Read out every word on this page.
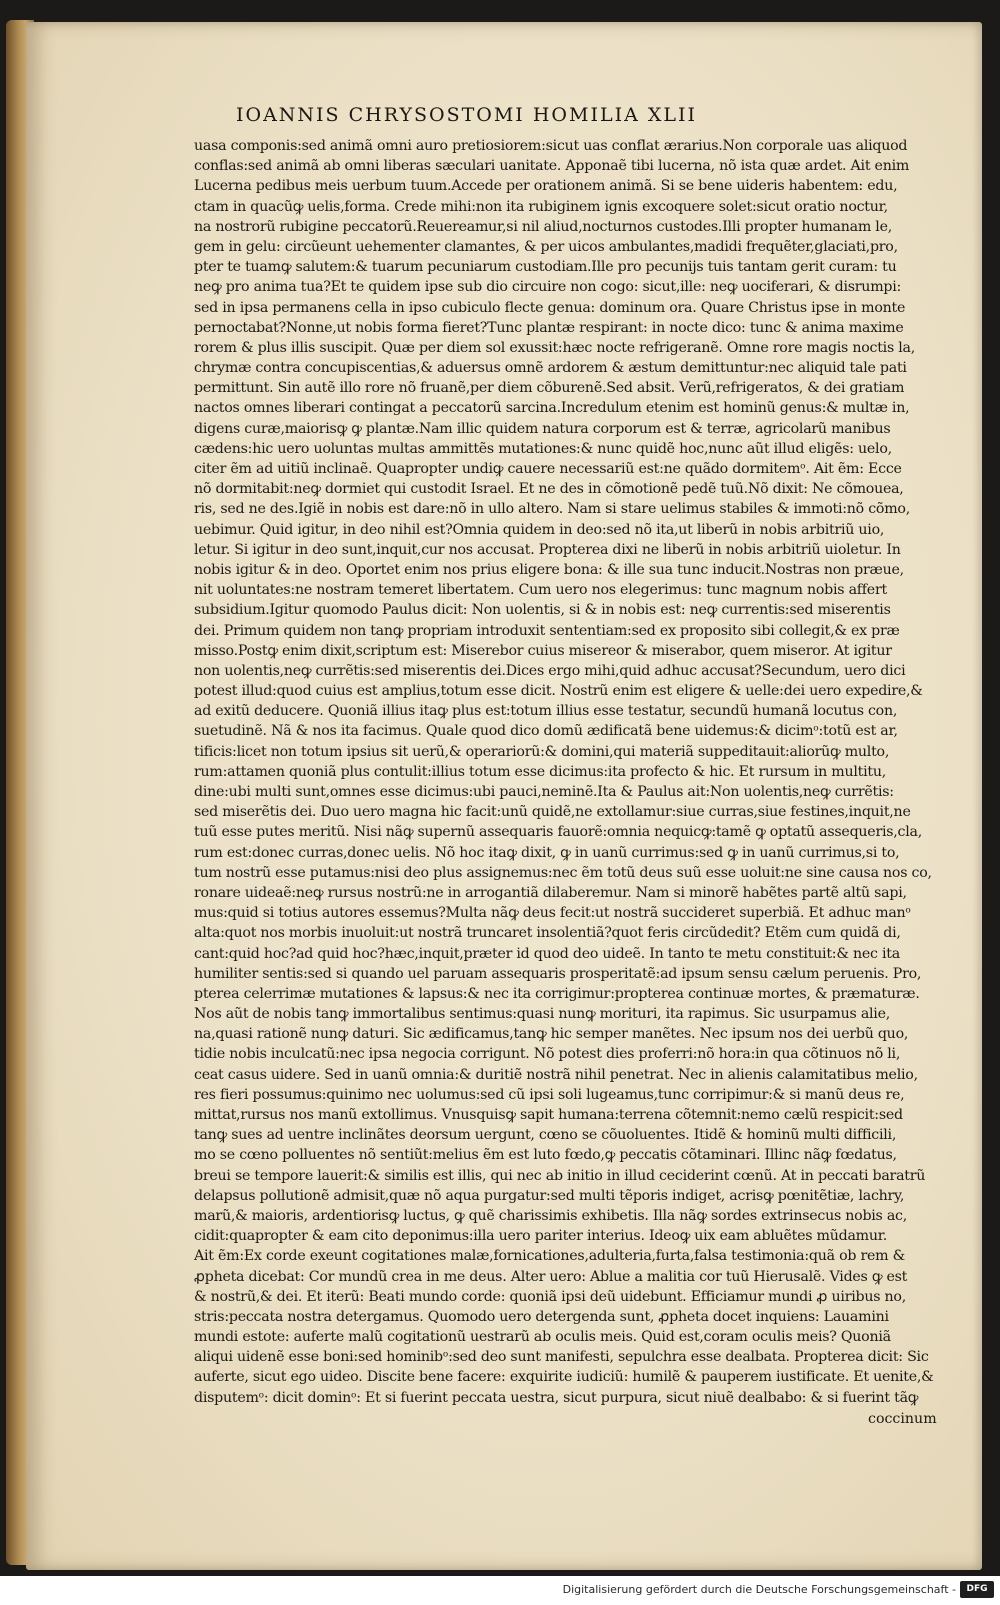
IOANNIS CHRYSOSTOMI HOMILIA XLII
uasa componis:sed animã omni auro pretiosiorem:sicut uas conflat ærarius.Non corporale uas aliquod
conflas:sed animã ab omni liberas sæculari uanitate. Apponaẽ tibi lucerna, nõ ista quæ ardet. Ait enim
Lucerna pedibus meis uerbum tuum.Accede per orationem animã. Si se bene uideris habentem: edu,
ctam in quacũꝙ uelis,forma. Crede mihi:non ita rubiginem ignis excoquere solet:sicut oratio noctur,
na nostrorũ rubigine peccatorũ.Reuereamur,si nil aliud,nocturnos custodes.Illi propter humanam le,
gem in gelu: circũeunt uehementer clamantes, & per uicos ambulantes,madidi frequẽter,glaciati,pro,
pter te tuamꝙ salutem:& tuarum pecuniarum custodiam.Ille pro pecunijs tuis tantam gerit curam: tu
neꝙ pro anima tua?Et te quidem ipse sub dio circuire non cogo: sicut,ille: neꝙ uociferari, & disrumpi:
sed in ipsa permanens cella in ipso cubiculo flecte genua: dominum ora. Quare Christus ipse in monte
pernoctabat?Nonne,ut nobis forma fieret?Tunc plantæ respirant: in nocte dico: tunc & anima maxime
rorem & plus illis suscipit. Quæ per diem sol exussit:hæc nocte refrigeranẽ. Omne rore magis noctis la,
chrymæ contra concupiscentias,& aduersus omnẽ ardorem & æstum demittuntur:nec aliquid tale pati
permittunt. Sin autẽ illo rore nõ fruanẽ,per diem cõburenẽ.Sed absit. Verũ,refrigeratos, & dei gratiam
nactos omnes liberari contingat a peccatorũ sarcina.Incredulum etenim est hominũ genus:& multæ in,
digens curæ,maiorisꝙ ꝙ plantæ.Nam illic quidem natura corporum est & terræ, agricolarũ manibus
cædens:hic uero uoluntas multas ammittẽs mutationes:& nunc quidẽ hoc,nunc aũt illud eligẽs: uelo,
citer ẽm ad uitiũ inclinaẽ. Quapropter undiꝙ cauere necessariũ est:ne quãdo dormitemᵒ. Ait ẽm: Ecce
nõ dormitabit:neꝙ dormiet qui custodit Israel. Et ne des in cõmotionẽ pedẽ tuũ.Nõ dixit: Ne cõmouea,
ris, sed ne des.Igiẽ in nobis est dare:nõ in ullo altero. Nam si stare uelimus stabiles & immoti:nõ cõmo,
uebimur. Quid igitur, in deo nihil est?Omnia quidem in deo:sed nõ ita,ut liberũ in nobis arbitriũ uio,
letur. Si igitur in deo sunt,inquit,cur nos accusat. Propterea dixi ne liberũ in nobis arbitriũ uioletur. In
nobis igitur & in deo. Oportet enim nos prius eligere bona: & ille sua tunc inducit.Nostras non præue,
nit uoluntates:ne nostram temeret libertatem. Cum uero nos elegerimus: tunc magnum nobis affert
subsidium.Igitur quomodo Paulus dicit: Non uolentis, si & in nobis est: neꝙ currentis:sed miserentis
dei. Primum quidem non tanꝙ propriam introduxit sententiam:sed ex proposito sibi collegit,& ex præ
misso.Postꝙ enim dixit,scriptum est: Miserebor cuius misereor & miserabor, quem miseror. At igitur
non uolentis,neꝙ currẽtis:sed miserentis dei.Dices ergo mihi,quid adhuc accusat?Secundum, uero dici
potest illud:quod cuius est amplius,totum esse dicit. Nostrũ enim est eligere & uelle:dei uero expedire,&
ad exitũ deducere. Quoniã illius itaꝙ plus est:totum illius esse testatur, secundũ humanã locutus con,
suetudinẽ. Nã & nos ita facimus. Quale quod dico domũ ædificatã bene uidemus:& dicimᵒ:totũ est ar,
tificis:licet non totum ipsius sit uerũ,& operariorũ:& domini,qui materiã suppeditauit:aliorũꝙ multo,
rum:attamen quoniã plus contulit:illius totum esse dicimus:ita profecto & hic. Et rursum in multitu,
dine:ubi multi sunt,omnes esse dicimus:ubi pauci,neminẽ.Ita & Paulus ait:Non uolentis,neꝙ currẽtis:
sed miserẽtis dei. Duo uero magna hic facit:unũ quidẽ,ne extollamur:siue curras,siue festines,inquit,ne
tuũ esse putes meritũ. Nisi nãꝙ supernũ assequaris fauorẽ:omnia nequicꝙ:tamẽ ꝙ optatũ assequeris,cla,
rum est:donec curras,donec uelis. Nõ hoc itaꝙ dixit, ꝙ in uanũ currimus:sed ꝙ in uanũ currimus,si to,
tum nostrũ esse putamus:nisi deo plus assignemus:nec ẽm totũ deus suũ esse uoluit:ne sine causa nos co,
ronare uideaẽ:neꝙ rursus nostrũ:ne in arrogantiã dilaberemur. Nam si minorẽ habẽtes partẽ altũ sapi,
mus:quid si totius autores essemus?Multa nãꝙ deus fecit:ut nostrã succideret superbiã. Et adhuc manᵒ
alta:quot nos morbis inuoluit:ut nostrã truncaret insolentiã?quot feris circũdedit? Etẽm cum quidã di,
cant:quid hoc?ad quid hoc?hæc,inquit,præter id quod deo uideẽ. In tanto te metu constituit:& nec ita
humiliter sentis:sed si quando uel paruam assequaris prosperitatẽ:ad ipsum sensu cælum peruenis. Pro,
pterea celerrimæ mutationes & lapsus:& nec ita corrigimur:propterea continuæ mortes, & præmaturæ.
Nos aũt de nobis tanꝙ immortalibus sentimus:quasi nunꝙ morituri, ita rapimus. Sic usurpamus alie,
na,quasi rationẽ nunꝙ daturi. Sic ædificamus,tanꝙ hic semper manẽtes. Nec ipsum nos dei uerbũ quo,
tidie nobis inculcatũ:nec ipsa negocia corrigunt. Nõ potest dies proferri:nõ hora:in qua cõtinuos nõ li,
ceat casus uidere. Sed in uanũ omnia:& duritiẽ nostrã nihil penetrat. Nec in alienis calamitatibus melio,
res fieri possumus:quinimo nec uolumus:sed cũ ipsi soli lugeamus,tunc corripimur:& si manũ deus re,
mittat,rursus nos manũ extollimus. Vnusquisꝙ sapit humana:terrena cõtemnit:nemo cælũ respicit:sed
tanꝙ sues ad uentre inclinãtes deorsum uergunt, cœno se cõuoluentes. Itidẽ & hominũ multi difficili,
mo se cœno polluentes nõ sentiũt:melius ẽm est luto fœdo,ꝙ peccatis cõtaminari. Illinc nãꝙ fœdatus,
breui se tempore lauerit:& similis est illis, qui nec ab initio in illud ceciderint cœnũ. At in peccati baratrũ
delapsus pollutionẽ admisit,quæ nõ aqua purgatur:sed multi tẽporis indiget, acrisꝙ pœnitẽtiæ, lachry,
marũ,& maioris, ardentiorisꝙ luctus, ꝙ quẽ charissimis exhibetis. Illa nãꝙ sordes extrinsecus nobis ac,
cidit:quapropter & eam cito deponimus:illa uero pariter interius. Ideoꝙ uix eam abluẽtes mũdamur.
Ait ẽm:Ex corde exeunt cogitationes malæ,fornicationes,adulteria,furta,falsa testimonia:quã ob rem &
ꝓpheta dicebat: Cor mundũ crea in me deus. Alter uero: Ablue a malitia cor tuũ Hierusalẽ. Vides ꝙ est
& nostrũ,& dei. Et iterũ: Beati mundo corde: quoniã ipsi deũ uidebunt. Efficiamur mundi ꝓ uiribus no,
stris:peccata nostra detergamus. Quomodo uero detergenda sunt, ꝓpheta docet inquiens: Lauamini
mundi estote: auferte malũ cogitationũ uestrarũ ab oculis meis. Quid est,coram oculis meis? Quoniã
aliqui uidenẽ esse boni:sed hominibᵒ:sed deo sunt manifesti, sepulchra esse dealbata. Propterea dicit: Sic
auferte, sicut ego uideo. Discite bene facere: exquirite iudiciũ: humilẽ & pauperem iustificate. Et uenite,&
disputemᵒ: dicit dominᵒ: Et si fuerint peccata uestra, sicut purpura, sicut niuẽ dealbabo: & si fuerint tãꝙ
coccinum
Digitalisierung gefördert durch die Deutsche Forschungsgemeinschaft -	DFG
